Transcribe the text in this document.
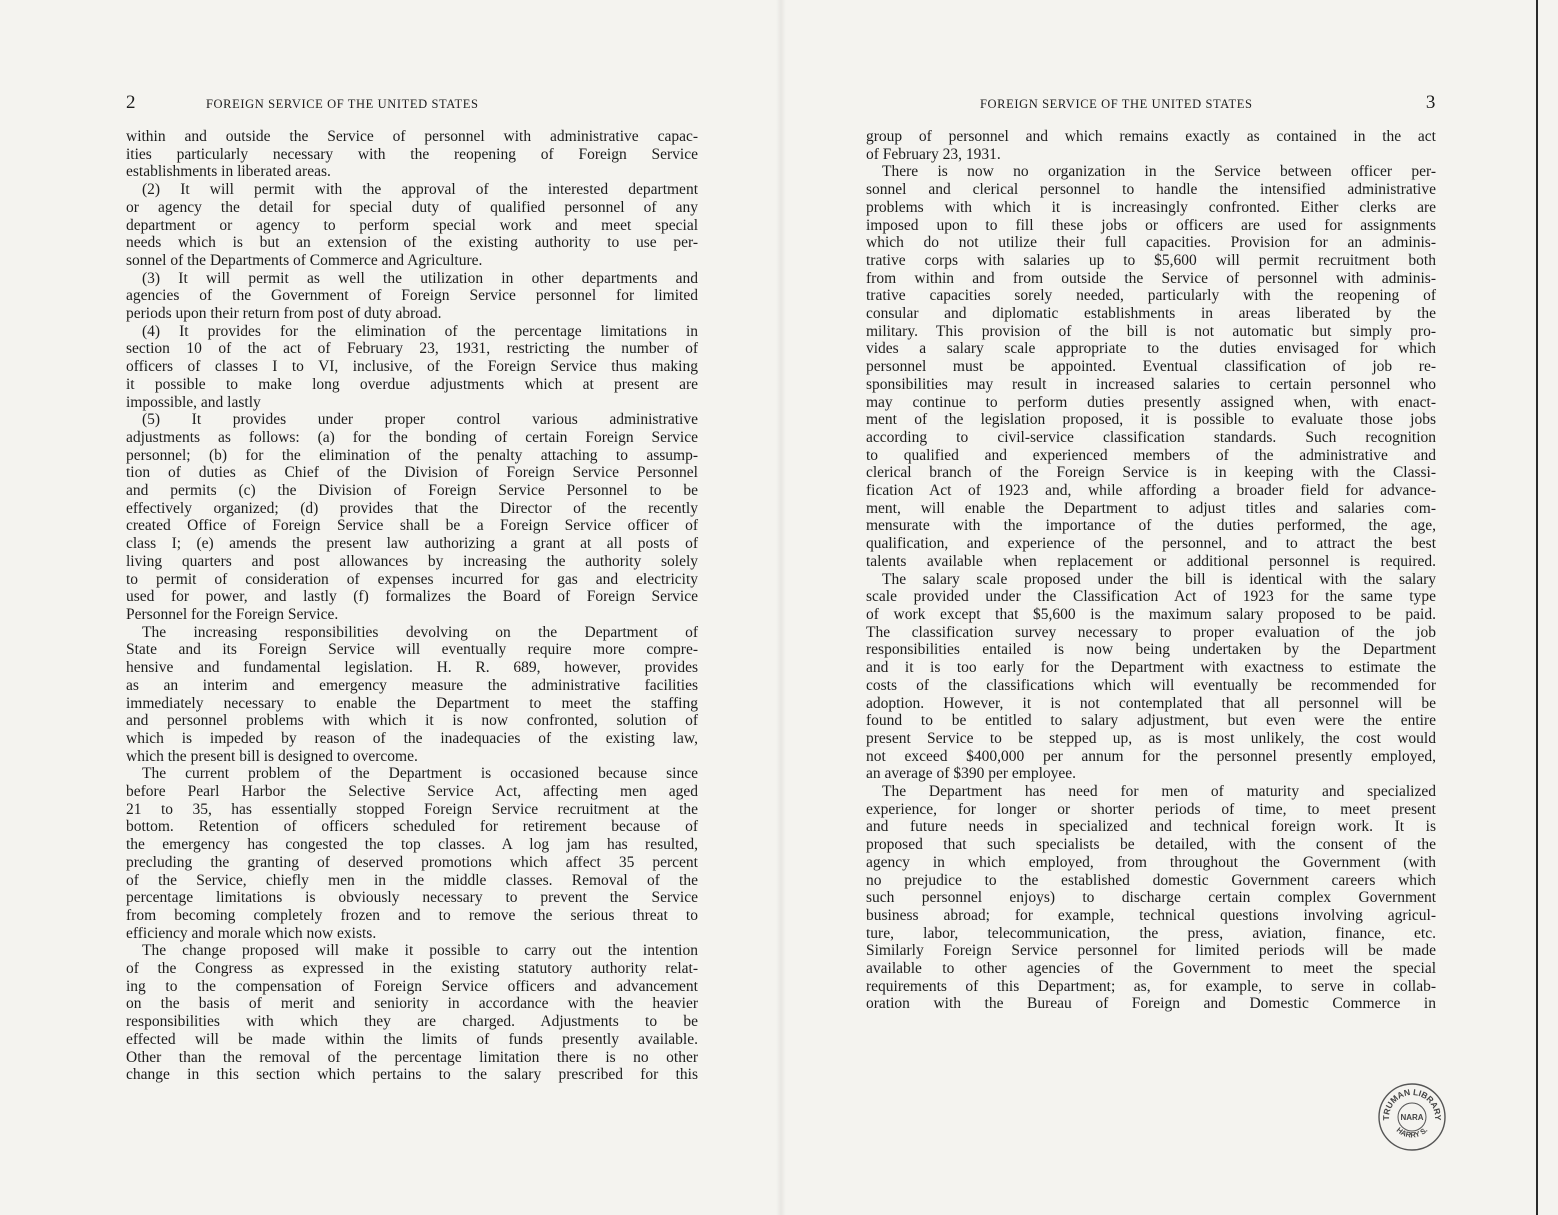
2	FOREIGN SERVICE OF THE UNITED STATES

within and outside the Service of personnel with administrative capac-

ities particularly necessary with the reopening of Foreign Service

establishments in liberated areas.

(2) It will permit with the approval of the interested department

or agency the detail for special duty of qualified personnel of any

department or agency to perform special work and meet special

needs which is but an extension of the existing authority to use per-

sonnel of the Departments of Commerce and Agriculture.

(3) It will permit as well the utilization in other departments and

agencies of the Government of Foreign Service personnel for limited

periods upon their return from post of duty abroad.

(4) It provides for the elimination of the percentage limitations in

section 10 of the act of February 23, 1931, restricting the number of

officers of classes I to VI, inclusive, of the Foreign Service thus making

it possible to make long overdue adjustments which at present are

impossible, and lastly

(5) It provides under proper control various administrative

adjustments as follows: (a) for the bonding of certain Foreign Service

personnel; (b) for the elimination of the penalty attaching to assump-

tion of duties as Chief of the Division of Foreign Service Personnel

and permits (c) the Division of Foreign Service Personnel to be

effectively organized; (d) provides that the Director of the recently

created Office of Foreign Service shall be a Foreign Service officer of

class I; (e) amends the present law authorizing a grant at all posts of

living quarters and post allowances by increasing the authority solely

to permit of consideration of expenses incurred for gas and electricity

used for power, and lastly (f) formalizes the Board of Foreign Service

Personnel for the Foreign Service.

The increasing responsibilities devolving on the Department of

State and its Foreign Service will eventually require more compre-

hensive and fundamental legislation. H. R. 689, however, provides

as an interim and emergency measure the administrative facilities

immediately necessary to enable the Department to meet the staffing

and personnel problems with which it is now confronted, solution of

which is impeded by reason of the inadequacies of the existing law,

which the present bill is designed to overcome.

The current problem of the Department is occasioned because since

before Pearl Harbor the Selective Service Act, affecting men aged

21 to 35, has essentially stopped Foreign Service recruitment at the

bottom. Retention of officers scheduled for retirement because of

the emergency has congested the top classes. A log jam has resulted,

precluding the granting of deserved promotions which affect 35 percent

of the Service, chiefly men in the middle classes. Removal of the

percentage limitations is obviously necessary to prevent the Service

from becoming completely frozen and to remove the serious threat to

efficiency and morale which now exists.

The change proposed will make it possible to carry out the intention

of the Congress as expressed in the existing statutory authority relat-

ing to the compensation of Foreign Service officers and advancement

on the basis of merit and seniority in accordance with the heavier

responsibilities with which they are charged. Adjustments to be

effected will be made within the limits of funds presently available.

Other than the removal of the percentage limitation there is no other

change in this section which pertains to the salary prescribed for this

FOREIGN SERVICE OF THE UNITED STATES	3

group of personnel and which remains exactly as contained in the act

of February 23, 1931.

There is now no organization in the Service between officer per-

sonnel and clerical personnel to handle the intensified administrative

problems with which it is increasingly confronted. Either clerks are

imposed upon to fill these jobs or officers are used for assignments

which do not utilize their full capacities. Provision for an adminis-

trative corps with salaries up to $5,600 will permit recruitment both

from within and from outside the Service of personnel with adminis-

trative capacities sorely needed, particularly with the reopening of

consular and diplomatic establishments in areas liberated by the

military. This provision of the bill is not automatic but simply pro-

vides a salary scale appropriate to the duties envisaged for which

personnel must be appointed. Eventual classification of job re-

sponsibilities may result in increased salaries to certain personnel who

may continue to perform duties presently assigned when, with enact-

ment of the legislation proposed, it is possible to evaluate those jobs

according to civil-service classification standards. Such recognition

to qualified and experienced members of the administrative and

clerical branch of the Foreign Service is in keeping with the Classi-

fication Act of 1923 and, while affording a broader field for advance-

ment, will enable the Department to adjust titles and salaries com-

mensurate with the importance of the duties performed, the age,

qualification, and experience of the personnel, and to attract the best

talents available when replacement or additional personnel is required.

The salary scale proposed under the bill is identical with the salary

scale provided under the Classification Act of 1923 for the same type

of work except that $5,600 is the maximum salary proposed to be paid.

The classification survey necessary to proper evaluation of the job

responsibilities entailed is now being undertaken by the Department

and it is too early for the Department with exactness to estimate the

costs of the classifications which will eventually be recommended for

adoption. However, it is not contemplated that all personnel will be

found to be entitled to salary adjustment, but even were the entire

present Service to be stepped up, as is most unlikely, the cost would

not exceed $400,000 per annum for the personnel presently employed,

an average of $390 per employee.

The Department has need for men of maturity and specialized

experience, for longer or shorter periods of time, to meet present

and future needs in specialized and technical foreign work. It is

proposed that such specialists be detailed, with the consent of the

agency in which employed, from throughout the Government (with

no prejudice to the established domestic Government careers which

such personnel enjoys) to discharge certain complex Government

business abroad; for example, technical questions involving agricul-

ture, labor, telecommunication, the press, aviation, finance, etc.

Similarly Foreign Service personnel for limited periods will be made

available to other agencies of the Government to meet the special

requirements of this Department; as, for example, to serve in collab-

oration with the Bureau of Foreign and Domestic Commerce in

TRUMAN LIBRARY
HARRY S.
NARA
